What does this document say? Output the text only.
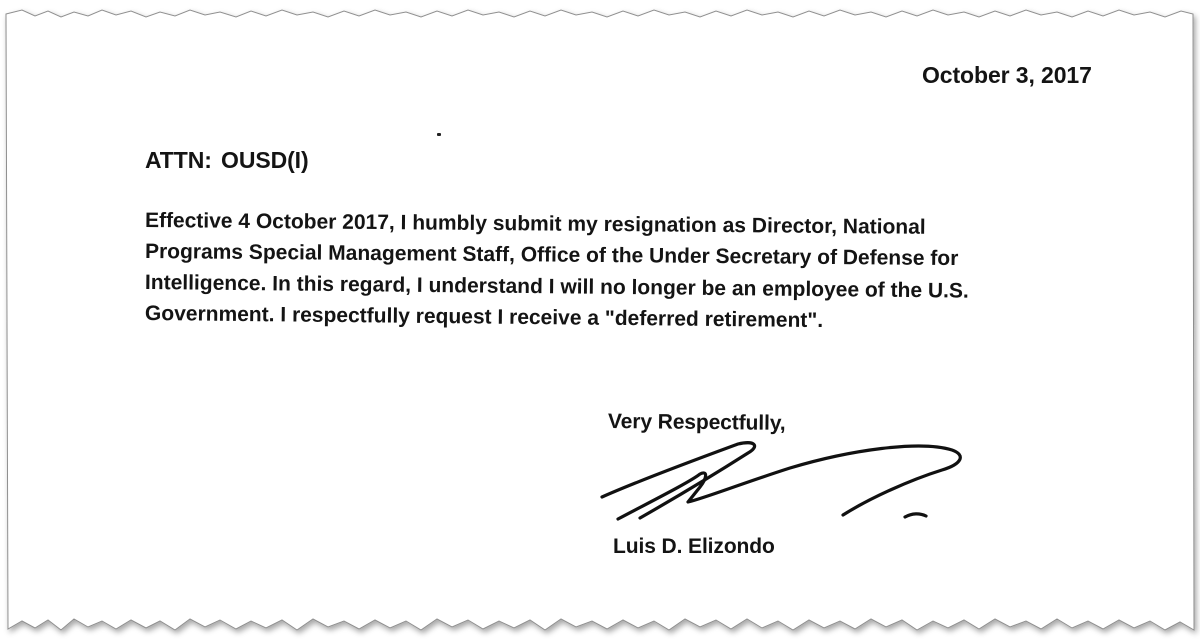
October 3, 2017
ATTN: OUSD(I)
Effective 4 October 2017, I humbly submit my resignation as Director, National
Programs Special Management Staff, Office of the Under Secretary of Defense for
Intelligence. In this regard, I understand I will no longer be an employee of the U.S.
Government. I respectfully request I receive a "deferred retirement".
Very Respectfully,
Luis D. Elizondo
